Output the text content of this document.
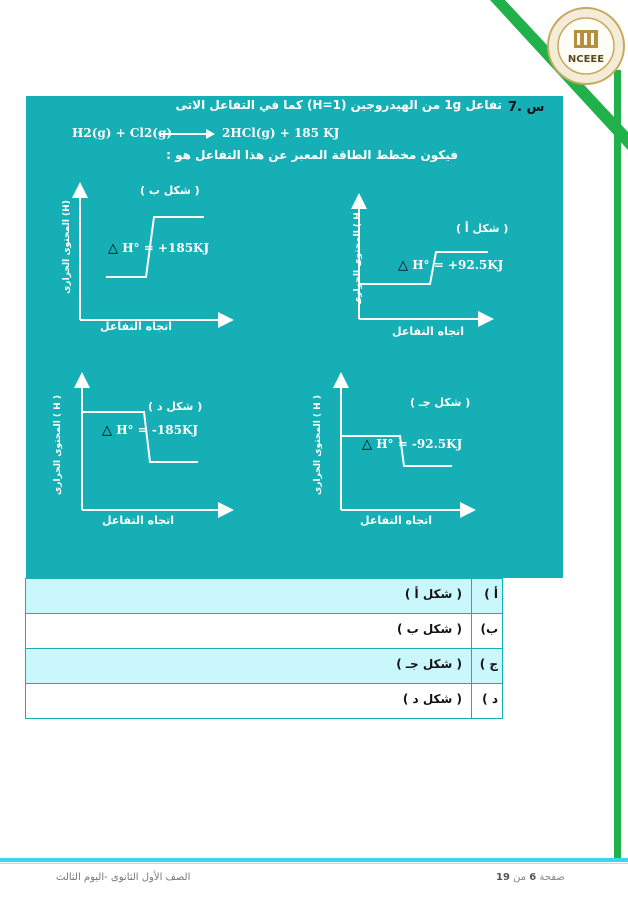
NCEEE
س .7
تفاعل 1g من الهيدروجين (H=1) كما في التفاعل الاتى
H2(g) + Cl2(g) → 2HCl(g) + 185 KJ
فيكون مخطط الطاقة المعبر عن هذا التفاعل هو :
( شكل ب )
△ H° = +185KJ
المحتوى الحرارى (H)
اتجاه التفاعل
( شكل أ )
△ H° = +92.5KJ
المحتوى الحرارى ( H )
اتجاه التفاعل
( شكل د )
△ H° = -185KJ
المحتوى الحرارى ( H )
اتجاه التفاعل
( شكل جـ )
△ H° = -92.5KJ
المحتوى الحرارى ( H )
اتجاه التفاعل
( شكل أ ) أ )
( شكل ب ) ب)
( شكل جـ ) ج )
( شكل د ) د )
الصف الأول الثانوى -اليوم الثالث	صفحة 6 من 19
